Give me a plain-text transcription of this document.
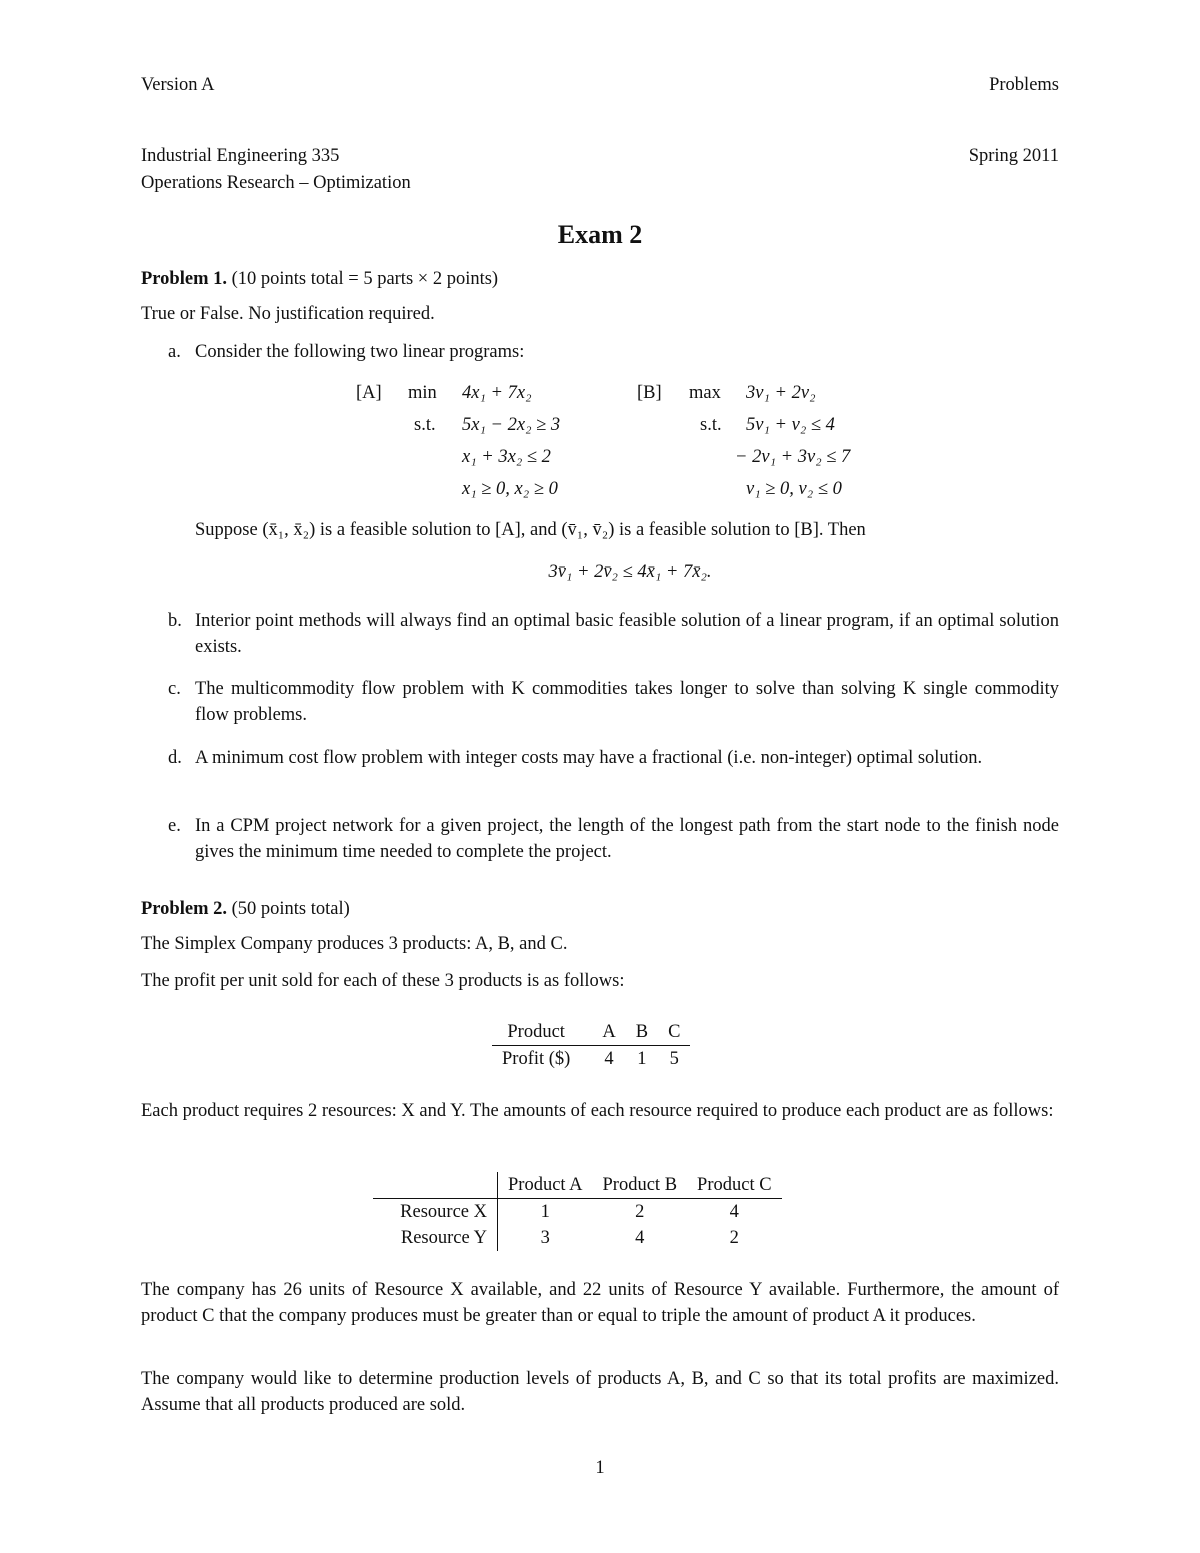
Version A	Problems
Industrial Engineering 335
Operations Research – Optimization
Spring 2011
Exam 2
Problem 1. (10 points total = 5 parts × 2 points)
True or False. No justification required.
a. Consider the following two linear programs:
[A] min 4x₁ + 7x₂
s.t. 5x₁ − 2x₂ ≥ 3
x₁ + 3x₂ ≤ 2
x₁ ≥ 0, x₂ ≥ 0
[B] max 3v₁ + 2v₂
s.t. 5v₁ + v₂ ≤ 4
− 2v₁ + 3v₂ ≤ 7
v₁ ≥ 0, v₂ ≤ 0
Suppose (x̄₁, x̄₂) is a feasible solution to [A], and (v̄₁, v̄₂) is a feasible solution to [B]. Then
3v̄₁ + 2v̄₂ ≤ 4x̄₁ + 7x̄₂.
b. Interior point methods will always find an optimal basic feasible solution of a linear program, if an optimal solution exists.
c. The multicommodity flow problem with K commodities takes longer to solve than solving K single commodity flow problems.
d. A minimum cost flow problem with integer costs may have a fractional (i.e. non-integer) optimal solution.
e. In a CPM project network for a given project, the length of the longest path from the start node to the finish node gives the minimum time needed to complete the project.
Problem 2. (50 points total)
The Simplex Company produces 3 products: A, B, and C.
The profit per unit sold for each of these 3 products is as follows:
Product	A	B	C
Profit ($)	4	1	5
Each product requires 2 resources: X and Y. The amounts of each resource required to produce each product are as follows:
	Product A	Product B	Product C
Resource X	1	2	4
Resource Y	3	4	2
The company has 26 units of Resource X available, and 22 units of Resource Y available. Furthermore, the amount of product C that the company produces must be greater than or equal to triple the amount of product A it produces.
The company would like to determine production levels of products A, B, and C so that its total profits are maximized. Assume that all products produced are sold.
1
